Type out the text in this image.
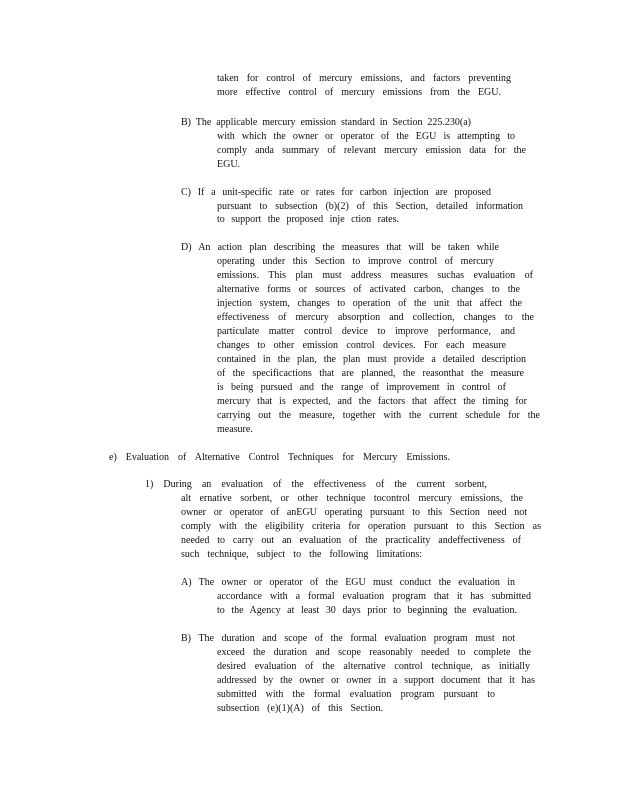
taken for control of mercury emissions, and factors preventing

more effective control of mercury emissions from the EGU.

B) The applicable mercury emission standard in Section 225.230(a)

with which the owner or operator of the EGU is attempting to

comply anda summary of relevant mercury emission data for the

EGU.

C) If a unit-specific rate or rates for carbon injection are proposed

pursuant to subsection (b)(2) of this Section, detailed information

to support the proposed inje ction rates.

D) An action plan describing the measures that will be taken while

operating under this Section to improve control of mercury

emissions. This plan must address measures suchas evaluation of

alternative forms or sources of activated carbon, changes to the

injection system, changes to operation of the unit that affect the

effectiveness of mercury absorption and collection, changes to the

particulate matter control device to improve performance, and

changes to other emission control devices. For each measure

contained in the plan, the plan must provide a detailed description

of the specificactions that are planned, the reasonthat the measure

is being pursued and the range of improvement in control of

mercury that is expected, and the factors that affect the timing for

carrying out the measure, together with the current schedule for the

measure.

e) Evaluation of Alternative Control Techniques for Mercury Emissions.

1) During an evaluation of the effectiveness of the current sorbent,

alt ernative sorbent, or other technique tocontrol mercury emissions, the

owner or operator of anEGU operating pursuant to this Section need not

comply with the eligibility criteria for operation pursuant to this Section as

needed to carry out an evaluation of the practicality andeffectiveness of

such technique, subject to the following limitations:

A) The owner or operator of the EGU must conduct the evaluation in

accordance with a formal evaluation program that it has submitted

to the Agency at least 30 days prior to beginning the evaluation.

B) The duration and scope of the formal evaluation program must not

exceed the duration and scope reasonably needed to complete the

desired evaluation of the alternative control technique, as initially

addressed by the owner or owner in a support document that it has

submitted with the formal evaluation program pursuant to

subsection (e)(1)(A) of this Section.
